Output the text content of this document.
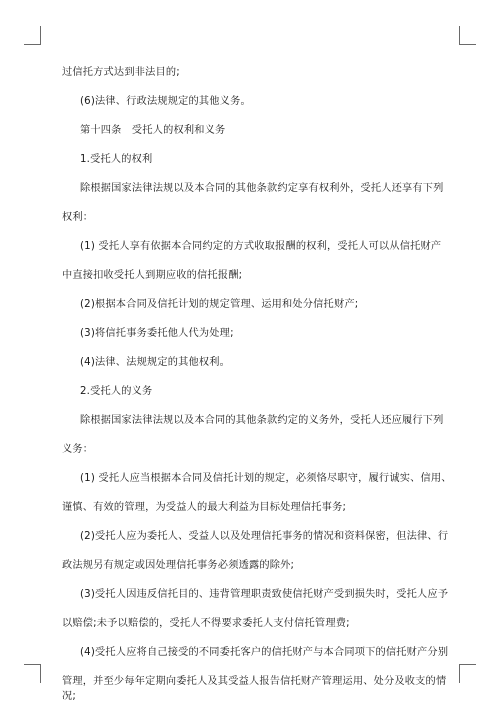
过信托方式达到非法目的;
(6)法律、行政法规规定的其他义务。
第十四条　受托人的权利和义务
1.受托人的权利
除根据国家法律法规以及本合同的其他条款约定享有权利外，受托人还享有下列
权利：
(1) 受托人享有依据本合同约定的方式收取报酬的权利，受托人可以从信托财产
中直接扣收受托人到期应收的信托报酬;
(2)根据本合同及信托计划的规定管理、运用和处分信托财产;
(3)将信托事务委托他人代为处理;
(4)法律、法规规定的其他权利。
2.受托人的义务
除根据国家法律法规以及本合同的其他条款约定的义务外，受托人还应履行下列
义务：
(1) 受托人应当根据本合同及信托计划的规定，必须恪尽职守，履行诚实、信用、
谨慎、有效的管理，为受益人的最大利益为目标处理信托事务;
(2)受托人应为委托人、受益人以及处理信托事务的情况和资料保密，但法律、行
政法规另有规定或因处理信托事务必须透露的除外;
(3)受托人因违反信托目的、违背管理职责致使信托财产受到损失时，受托人应予
以赔偿;未予以赔偿的，受托人不得要求委托人支付信托管理费;
(4)受托人应将自己接受的不同委托客户的信托财产与本合同项下的信托财产分别
管理，并至少每年定期向委托人及其受益人报告信托财产管理运用、处分及收支的情
况;
